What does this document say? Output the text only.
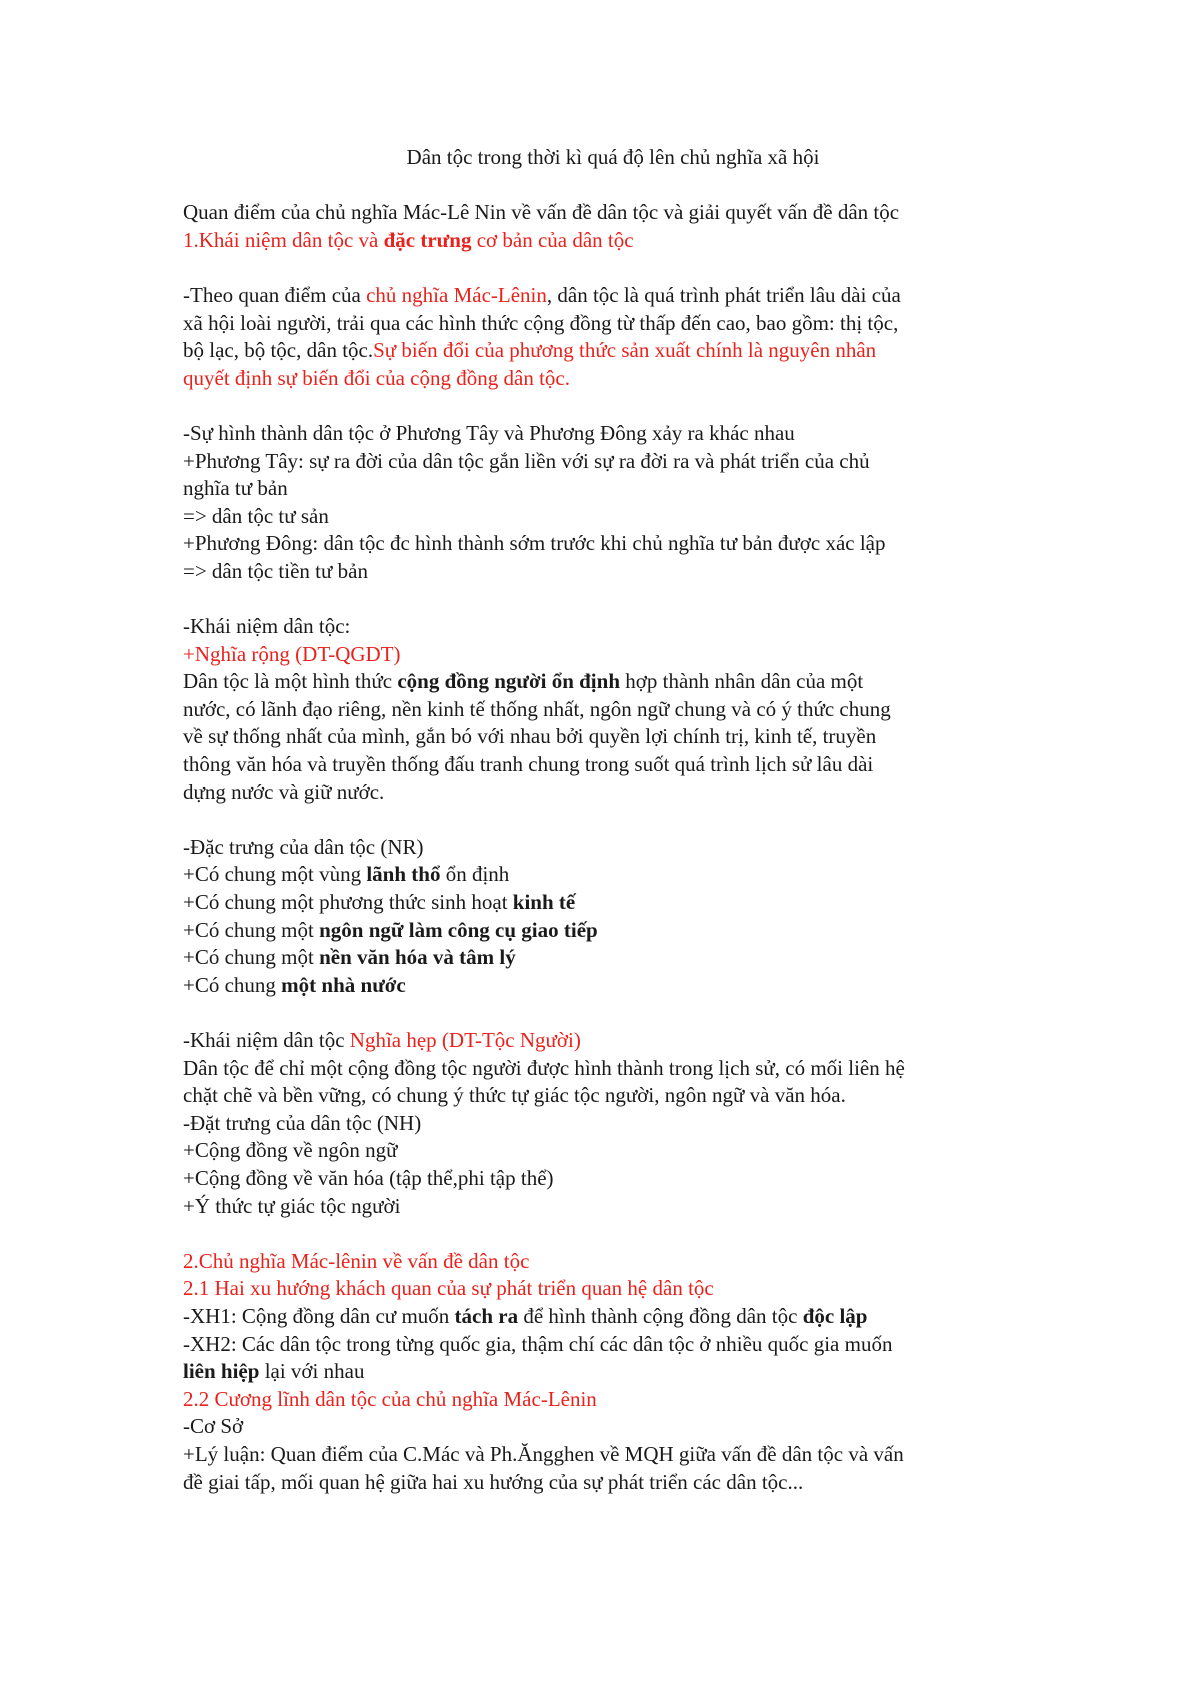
Dân tộc trong thời kì quá độ lên chủ nghĩa xã hội
Quan điểm của chủ nghĩa Mác-Lê Nin về vấn đề dân tộc và giải quyết vấn đề dân tộc
1.Khái niệm dân tộc và đặc trưng cơ bản của dân tộc
-Theo quan điểm của chủ nghĩa Mác-Lênin, dân tộc là quá trình phát triển lâu dài của
xã hội loài người, trải qua các hình thức cộng đồng từ thấp đến cao, bao gồm: thị tộc,
bộ lạc, bộ tộc, dân tộc.Sự biến đổi của phương thức sản xuất chính là nguyên nhân
quyết định sự biến đổi của cộng đồng dân tộc.
-Sự hình thành dân tộc ở Phương Tây và Phương Đông xảy ra khác nhau
+Phương Tây: sự ra đời của dân tộc gắn liền với sự ra đời ra và phát triển của chủ
nghĩa tư bản
=> dân tộc tư sản
+Phương Đông: dân tộc đc hình thành sớm trước khi chủ nghĩa tư bản được xác lập
=> dân tộc tiền tư bản
-Khái niệm dân tộc:
+Nghĩa rộng (DT-QGDT)
Dân tộc là một hình thức cộng đồng người ổn định hợp thành nhân dân của một
nước, có lãnh đạo riêng, nền kinh tế thống nhất, ngôn ngữ chung và có ý thức chung
về sự thống nhất của mình, gắn bó với nhau bởi quyền lợi chính trị, kinh tế, truyền
thông văn hóa và truyền thống đấu tranh chung trong suốt quá trình lịch sử lâu dài
dựng nước và giữ nước.
-Đặc trưng của dân tộc (NR)
+Có chung một vùng lãnh thổ ổn định
+Có chung một phương thức sinh hoạt kinh tế
+Có chung một ngôn ngữ làm công cụ giao tiếp
+Có chung một nền văn hóa và tâm lý
+Có chung một nhà nước
-Khái niệm dân tộc Nghĩa hẹp (DT-Tộc Người)
Dân tộc để chỉ một cộng đồng tộc người được hình thành trong lịch sử, có mối liên hệ
chặt chẽ và bền vững, có chung ý thức tự giác tộc người, ngôn ngữ và văn hóa.
-Đặt trưng của dân tộc (NH)
+Cộng đồng về ngôn ngữ
+Cộng đồng về văn hóa (tập thể,phi tập thể)
+Ý thức tự giác tộc người
2.Chủ nghĩa Mác-lênin về vấn đề dân tộc
2.1 Hai xu hướng khách quan của sự phát triển quan hệ dân tộc
-XH1: Cộng đồng dân cư muốn tách ra để hình thành cộng đồng dân tộc độc lập
-XH2: Các dân tộc trong từng quốc gia, thậm chí các dân tộc ở nhiều quốc gia muốn
liên hiệp lại với nhau
2.2 Cương lĩnh dân tộc của chủ nghĩa Mác-Lênin
-Cơ Sở
+Lý luận: Quan điểm của C.Mác và Ph.Ăngghen về MQH giữa vấn đề dân tộc và vấn
đề giai tấp, mối quan hệ giữa hai xu hướng của sự phát triển các dân tộc...
